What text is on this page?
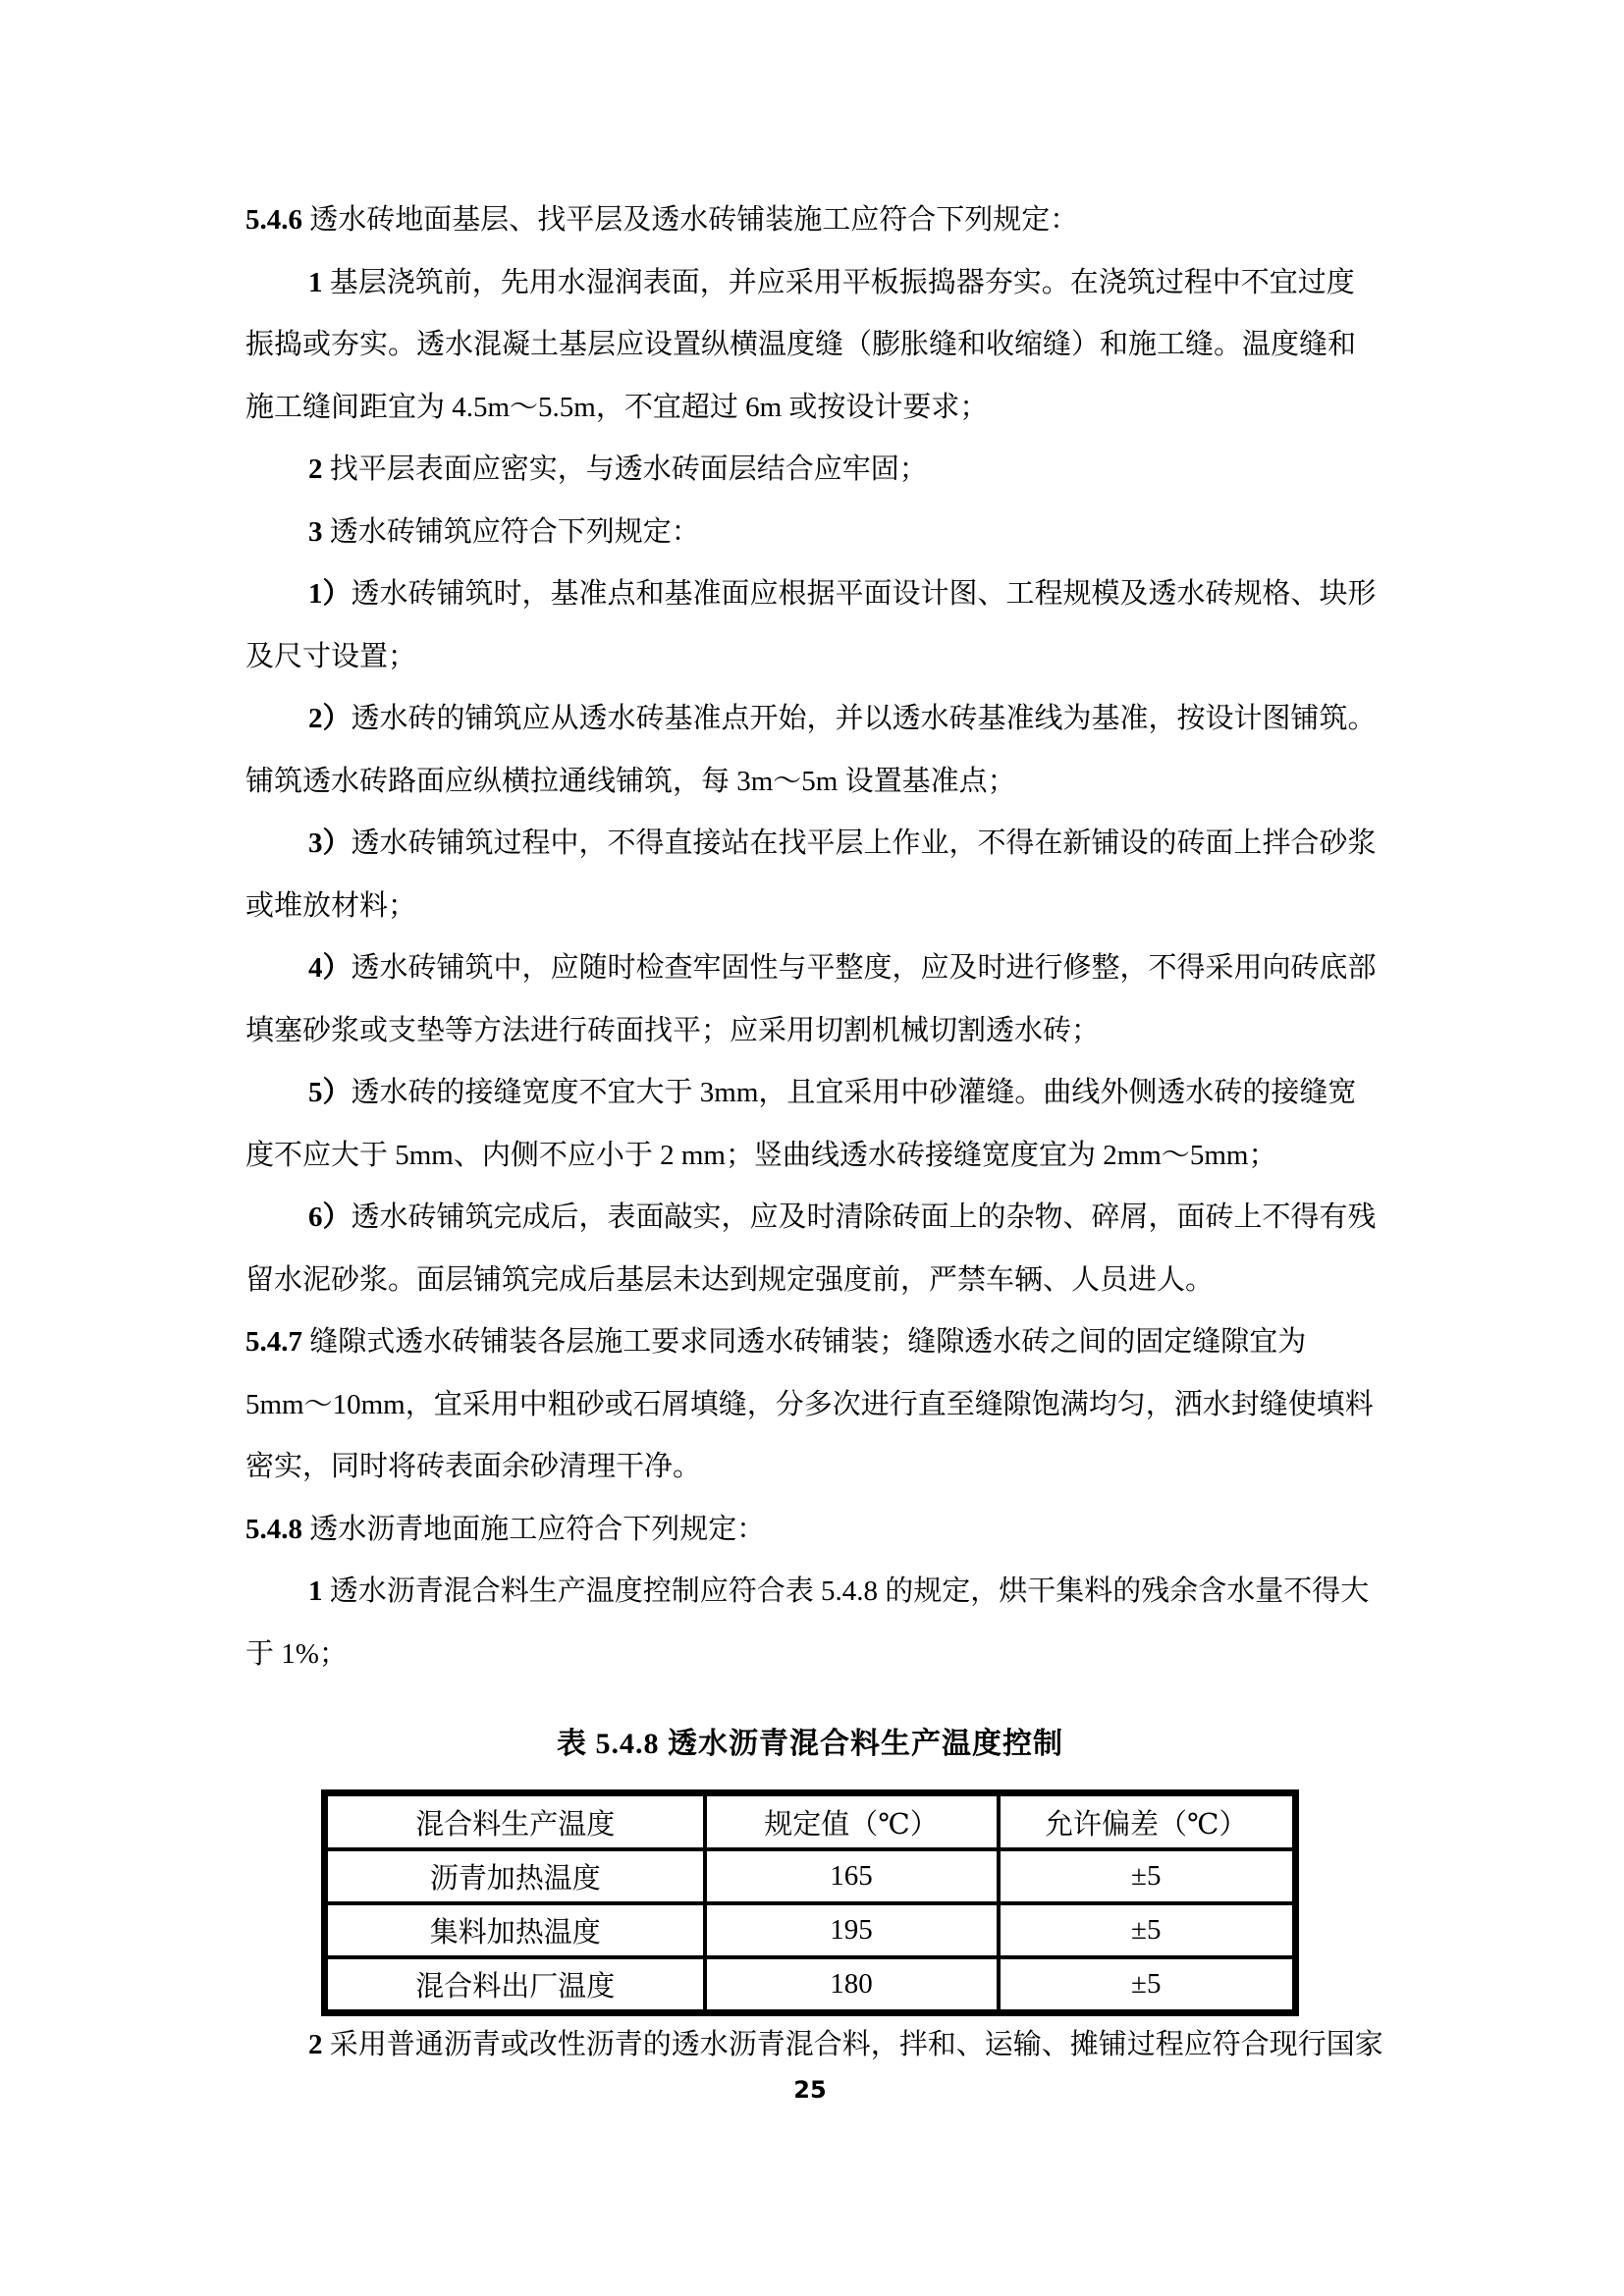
5.4.6 透水砖地面基层、找平层及透水砖铺装施工应符合下列规定：
1 基层浇筑前，先用水湿润表面，并应采用平板振捣器夯实。在浇筑过程中不宜过度
振捣或夯实。透水混凝土基层应设置纵横温度缝（膨胀缝和收缩缝）和施工缝。温度缝和
施工缝间距宜为 4.5m～5.5m，不宜超过 6m 或按设计要求；
2 找平层表面应密实，与透水砖面层结合应牢固；
3 透水砖铺筑应符合下列规定：
1）透水砖铺筑时，基准点和基准面应根据平面设计图、工程规模及透水砖规格、块形
及尺寸设置；
2）透水砖的铺筑应从透水砖基准点开始，并以透水砖基准线为基准，按设计图铺筑。
铺筑透水砖路面应纵横拉通线铺筑，每 3m～5m 设置基准点；
3）透水砖铺筑过程中，不得直接站在找平层上作业，不得在新铺设的砖面上拌合砂浆
或堆放材料；
4）透水砖铺筑中，应随时检查牢固性与平整度，应及时进行修整，不得采用向砖底部
填塞砂浆或支垫等方法进行砖面找平；应采用切割机械切割透水砖；
5）透水砖的接缝宽度不宜大于 3mm，且宜采用中砂灌缝。曲线外侧透水砖的接缝宽
度不应大于 5mm、内侧不应小于 2 mm；竖曲线透水砖接缝宽度宜为 2mm～5mm；
6）透水砖铺筑完成后，表面敲实，应及时清除砖面上的杂物、碎屑，面砖上不得有残
留水泥砂浆。面层铺筑完成后基层未达到规定强度前，严禁车辆、人员进人。
5.4.7 缝隙式透水砖铺装各层施工要求同透水砖铺装；缝隙透水砖之间的固定缝隙宜为
5mm～10mm，宜采用中粗砂或石屑填缝，分多次进行直至缝隙饱满均匀，洒水封缝使填料
密实，同时将砖表面余砂清理干净。
5.4.8 透水沥青地面施工应符合下列规定：
1 透水沥青混合料生产温度控制应符合表 5.4.8 的规定，烘干集料的残余含水量不得大
于 1%；
表 5.4.8 透水沥青混合料生产温度控制
混合料生产温度	规定值（℃）	允许偏差（℃）
沥青加热温度	165	±5
集料加热温度	195	±5
混合料出厂温度	180	±5
2 采用普通沥青或改性沥青的透水沥青混合料，拌和、运输、摊铺过程应符合现行国家
25
